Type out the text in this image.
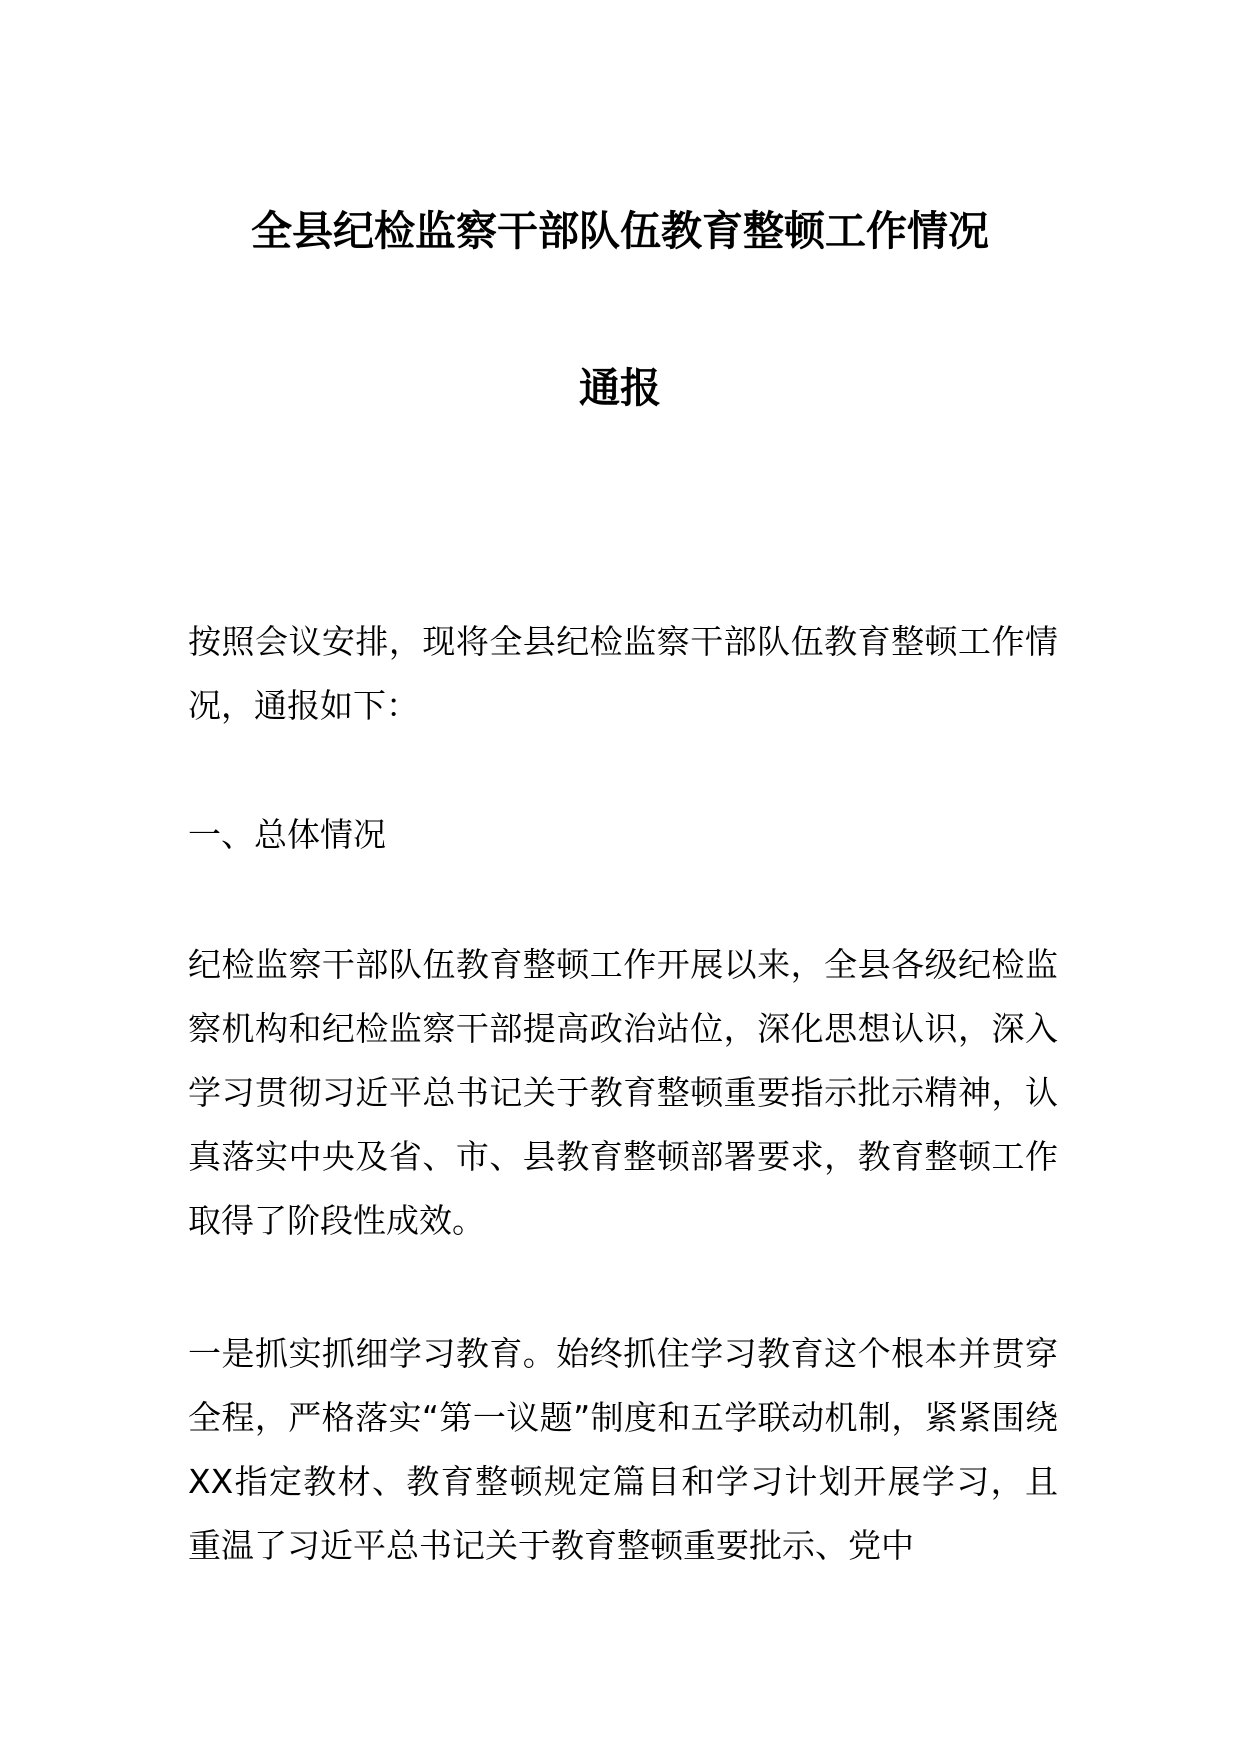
全县纪检监察干部队伍教育整顿工作情况
通报

按照会议安排，现将全县纪检监察干部队伍教育整顿工作情况，通报如下：

一、总体情况

纪检监察干部队伍教育整顿工作开展以来，全县各级纪检监察机构和纪检监察干部提高政治站位，深化思想认识，深入学习贯彻习近平总书记关于教育整顿重要指示批示精神，认真落实中央及省、市、县教育整顿部署要求，教育整顿工作取得了阶段性成效。

一是抓实抓细学习教育。始终抓住学习教育这个根本并贯穿全程，严格落实“第一议题”制度和五学联动机制，紧紧围绕XX指定教材、教育整顿规定篇目和学习计划开展学习，且重温了习近平总书记关于教育整顿重要批示、党中
